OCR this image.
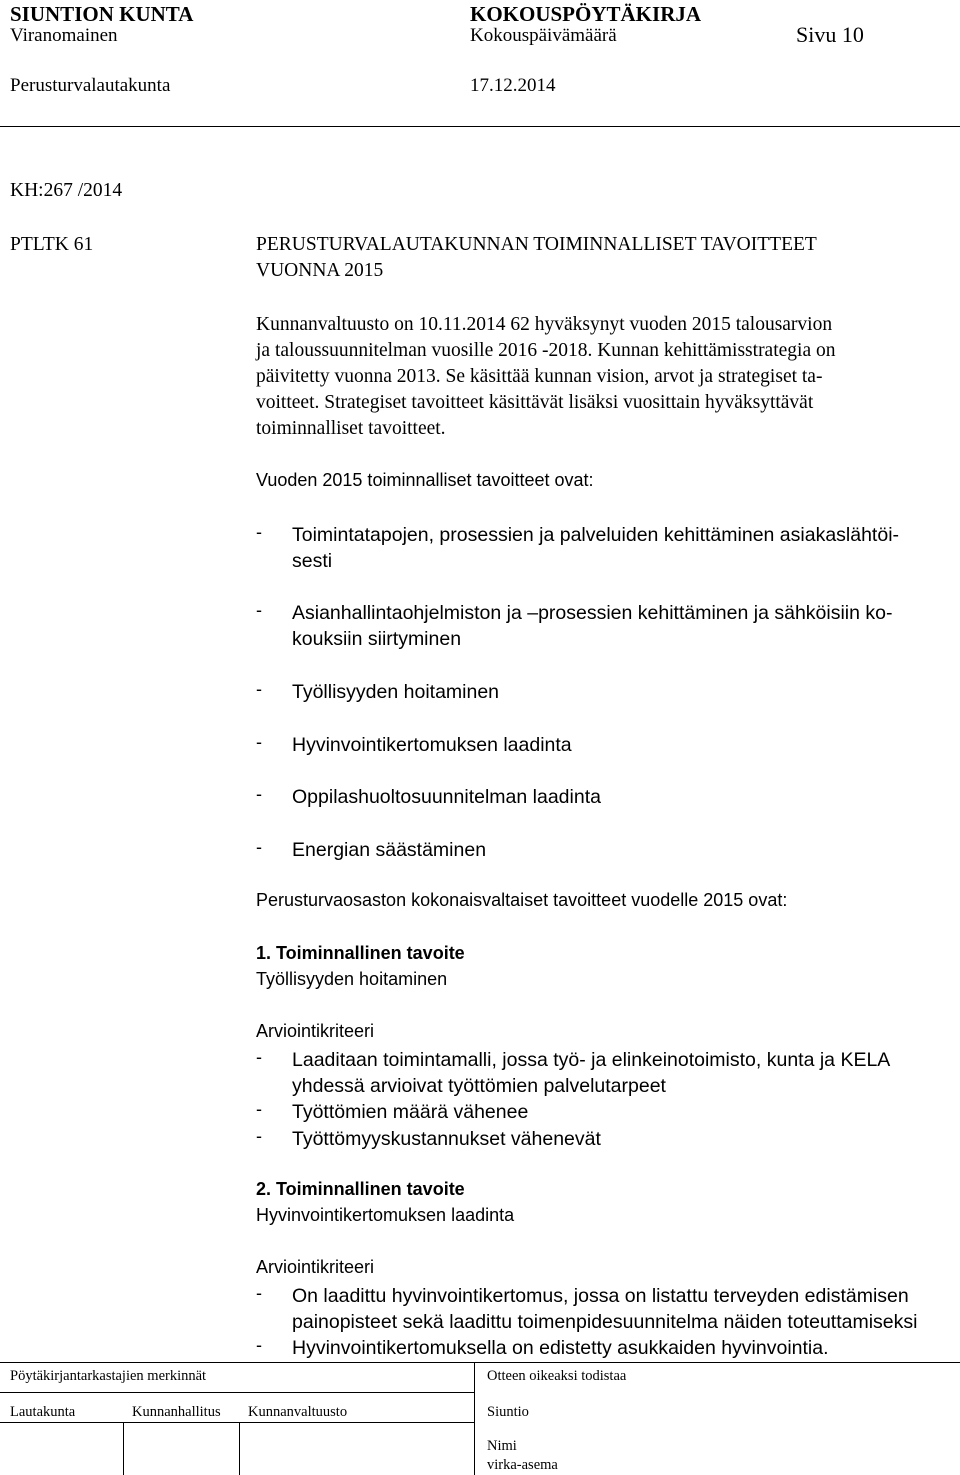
SIUNTION KUNTA	KOKOUSPÖYTÄKIRJA
Viranomainen	Kokouspäivämäärä	Sivu 10
Perusturvalautakunta	17.12.2014
KH:267 /2014
PTLTK 61	PERUSTURVALAUTAKUNNAN TOIMINNALLISET TAVOITTEET
VUONNA 2015
Kunnanvaltuusto on 10.11.2014 62 hyväksynyt vuoden 2015 talousarvion
ja taloussuunnitelman vuosille 2016 -2018. Kunnan kehittämisstrategia on
päivitetty vuonna 2013. Se käsittää kunnan vision, arvot ja strategiset ta-
voitteet. Strategiset tavoitteet käsittävät lisäksi vuosittain hyväksyttävät
toiminnalliset tavoitteet.
Vuoden 2015 toiminnalliset tavoitteet ovat:
- Toimintatapojen, prosessien ja palveluiden kehittäminen asiakaslähtöi-
sesti
- Asianhallintaohjelmiston ja –prosessien kehittäminen ja sähköisiin ko-
kouksiin siirtyminen
- Työllisyyden hoitaminen
- Hyvinvointikertomuksen laadinta
- Oppilashuoltosuunnitelman laadinta
- Energian säästäminen
Perusturvaosaston kokonaisvaltaiset tavoitteet vuodelle 2015 ovat:
1. Toiminnallinen tavoite
Työllisyyden hoitaminen
Arviointikriteeri
- Laaditaan toimintamalli, jossa työ- ja elinkeinotoimisto, kunta ja KELA
yhdessä arvioivat työttömien palvelutarpeet
- Työttömien määrä vähenee
- Työttömyyskustannukset vähenevät
2. Toiminnallinen tavoite
Hyvinvointikertomuksen laadinta
Arviointikriteeri
- On laadittu hyvinvointikertomus, jossa on listattu terveyden edistämisen
painopisteet sekä laadittu toimenpidesuunnitelma näiden toteuttamiseksi
- Hyvinvointikertomuksella on edistetty asukkaiden hyvinvointia.
Pöytäkirjantarkastajien merkinnät	Otteen oikeaksi todistaa
Lautakunta	Kunnanhallitus Kunnanvaltuusto	Siuntio
Nimi
virka-asema
